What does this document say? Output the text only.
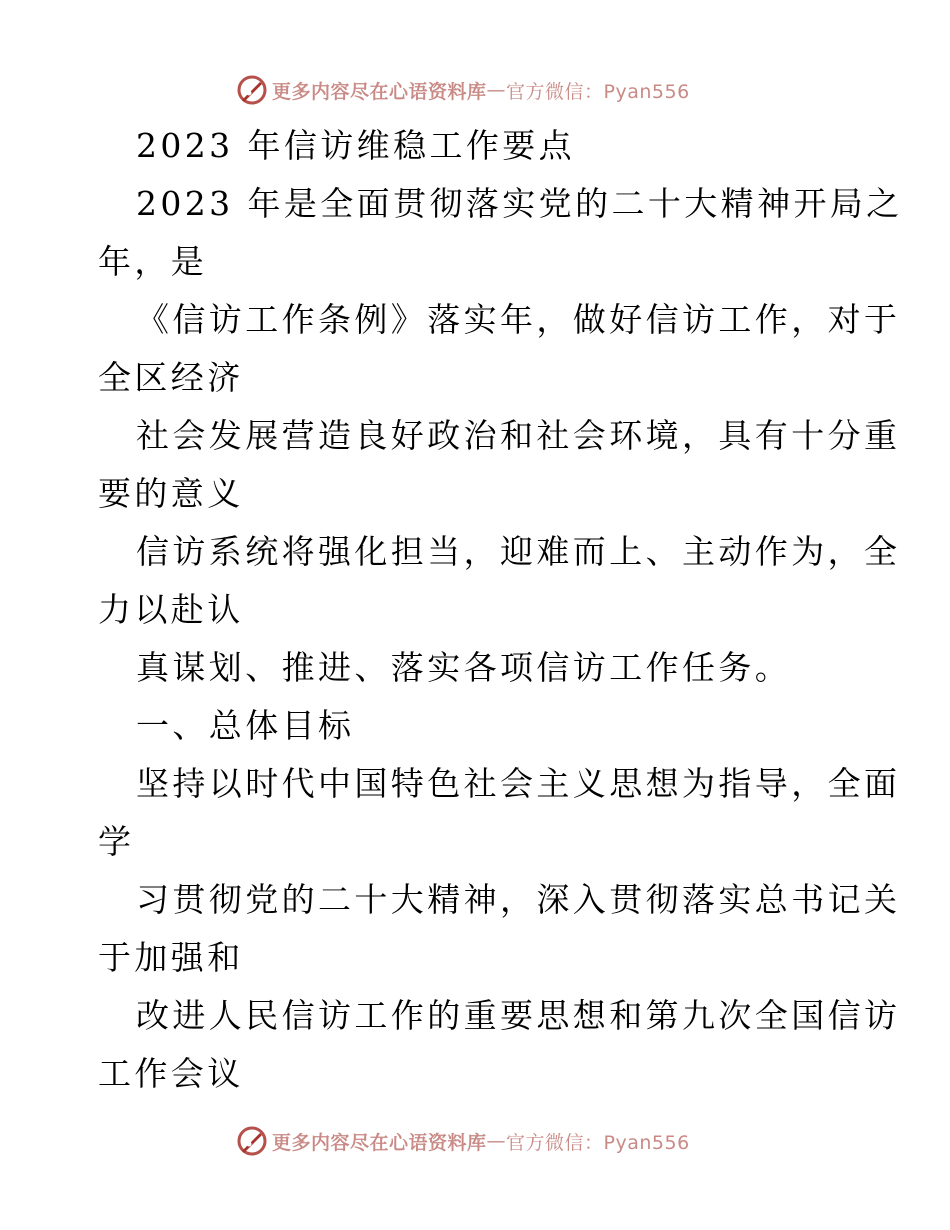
更多内容尽在心语资料库 — 官方微信：Pyan556
2023 年信访维稳工作要点
2023 年是全面贯彻落实党的二十大精神开局之
年，是
《信访工作条例》落实年，做好信访工作，对于
全区经济
社会发展营造良好政治和社会环境，具有十分重
要的意义
信访系统将强化担当，迎难而上、主动作为，全
力以赴认
真谋划、推进、落实各项信访工作任务。
一、总体目标
坚持以时代中国特色社会主义思想为指导，全面
学
习贯彻党的二十大精神，深入贯彻落实总书记关
于加强和
改进人民信访工作的重要思想和第九次全国信访
工作会议
更多内容尽在心语资料库 — 官方微信：Pyan556
